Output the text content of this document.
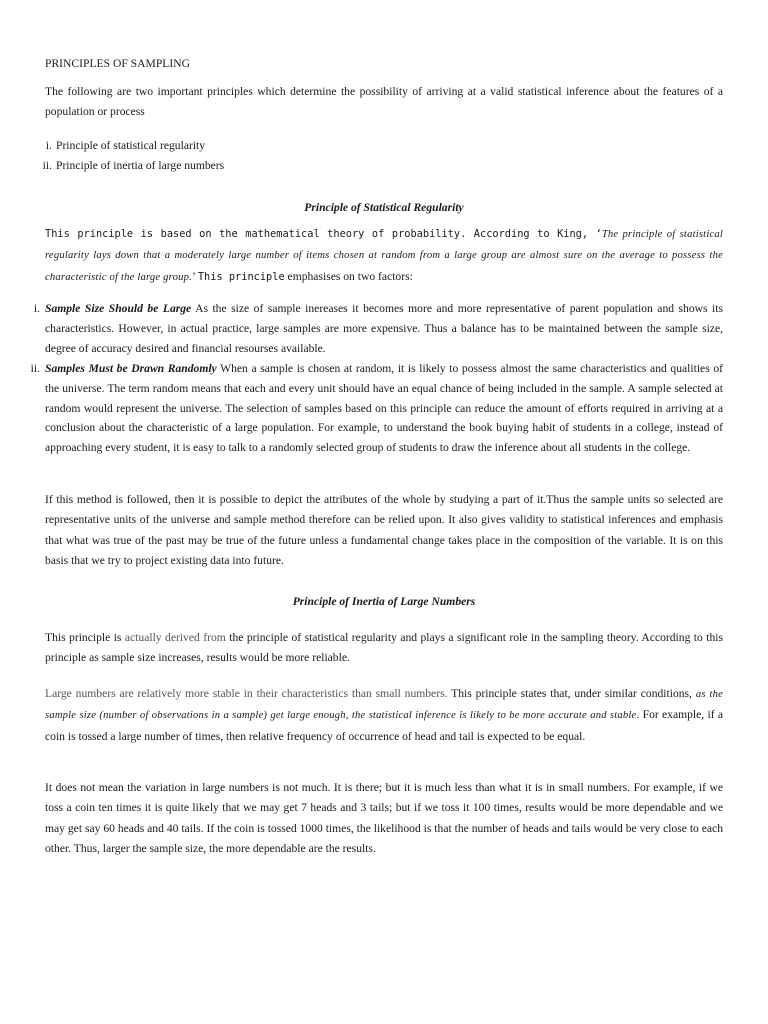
PRINCIPLES OF SAMPLING

The following are two important principles which determine the possibility of arriving at a valid statistical inference about the features of a population or process

i. Principle of statistical regularity
ii. Principle of inertia of large numbers
Principle of Statistical Regularity

This principle is based on the mathematical theory of probability. According to King, ‘The principle of statistical regularity lays down that a moderately large number of items chosen at random from a large group are almost sure on the average to possess the characteristic of the large group.’ This principle emphasises on two factors:

i. Sample Size Should be Large As the size of sample inereases it becomes more and more representative of parent population and shows its characteristics. However, in actual practice, large samples are more expensive. Thus a balance has to be maintained between the sample size, degree of accuracy desired and financial resourses available.
ii. Samples Must be Drawn Randomly When a sample is chosen at random, it is likely to possess almost the same characteristics and qualities of the universe. The term random means that each and every unit should have an equal chance of being included in the sample. A sample selected at random would represent the universe. The selection of samples based on this principle can reduce the amount of efforts required in arriving at a conclusion about the characteristic of a large population. For example, to understand the book buying habit of students in a college, instead of approaching every student, it is easy to talk to a randomly selected group of students to draw the inference about all students in the college.

If this method is followed, then it is possible to depict the attributes of the whole by studying a part of it.Thus the sample units so selected are representative units of the universe and sample method therefore can be relied upon. It also gives validity to statistical inferences and emphasis that what was true of the past may be true of the future unless a fundamental change takes place in the composition of the variable. It is on this basis that we try to project existing data into future.

Principle of Inertia of Large Numbers

This principle is actually derived from the principle of statistical regularity and plays a significant role in the sampling theory. According to this principle as sample size increases, results would be more reliable.

Large numbers are relatively more stable in their characteristics than small numbers. This principle states that, under similar conditions, as the sample size (number of observations in a sample) get large enough, the statistical inference is likely to be more accurate and stable. For example, if a coin is tossed a large number of times, then relative frequency of occurrence of head and tail is expected to be equal.

It does not mean the variation in large numbers is not much. It is there; but it is much less than what it is in small numbers. For example, if we toss a coin ten times it is quite likely that we may get 7 heads and 3 tails; but if we toss it 100 times, results would be more dependable and we may get say 60 heads and 40 tails. If the coin is tossed 1000 times, the likelihood is that the number of heads and tails would be very close to each other. Thus, larger the sample size, the more dependable are the results.
